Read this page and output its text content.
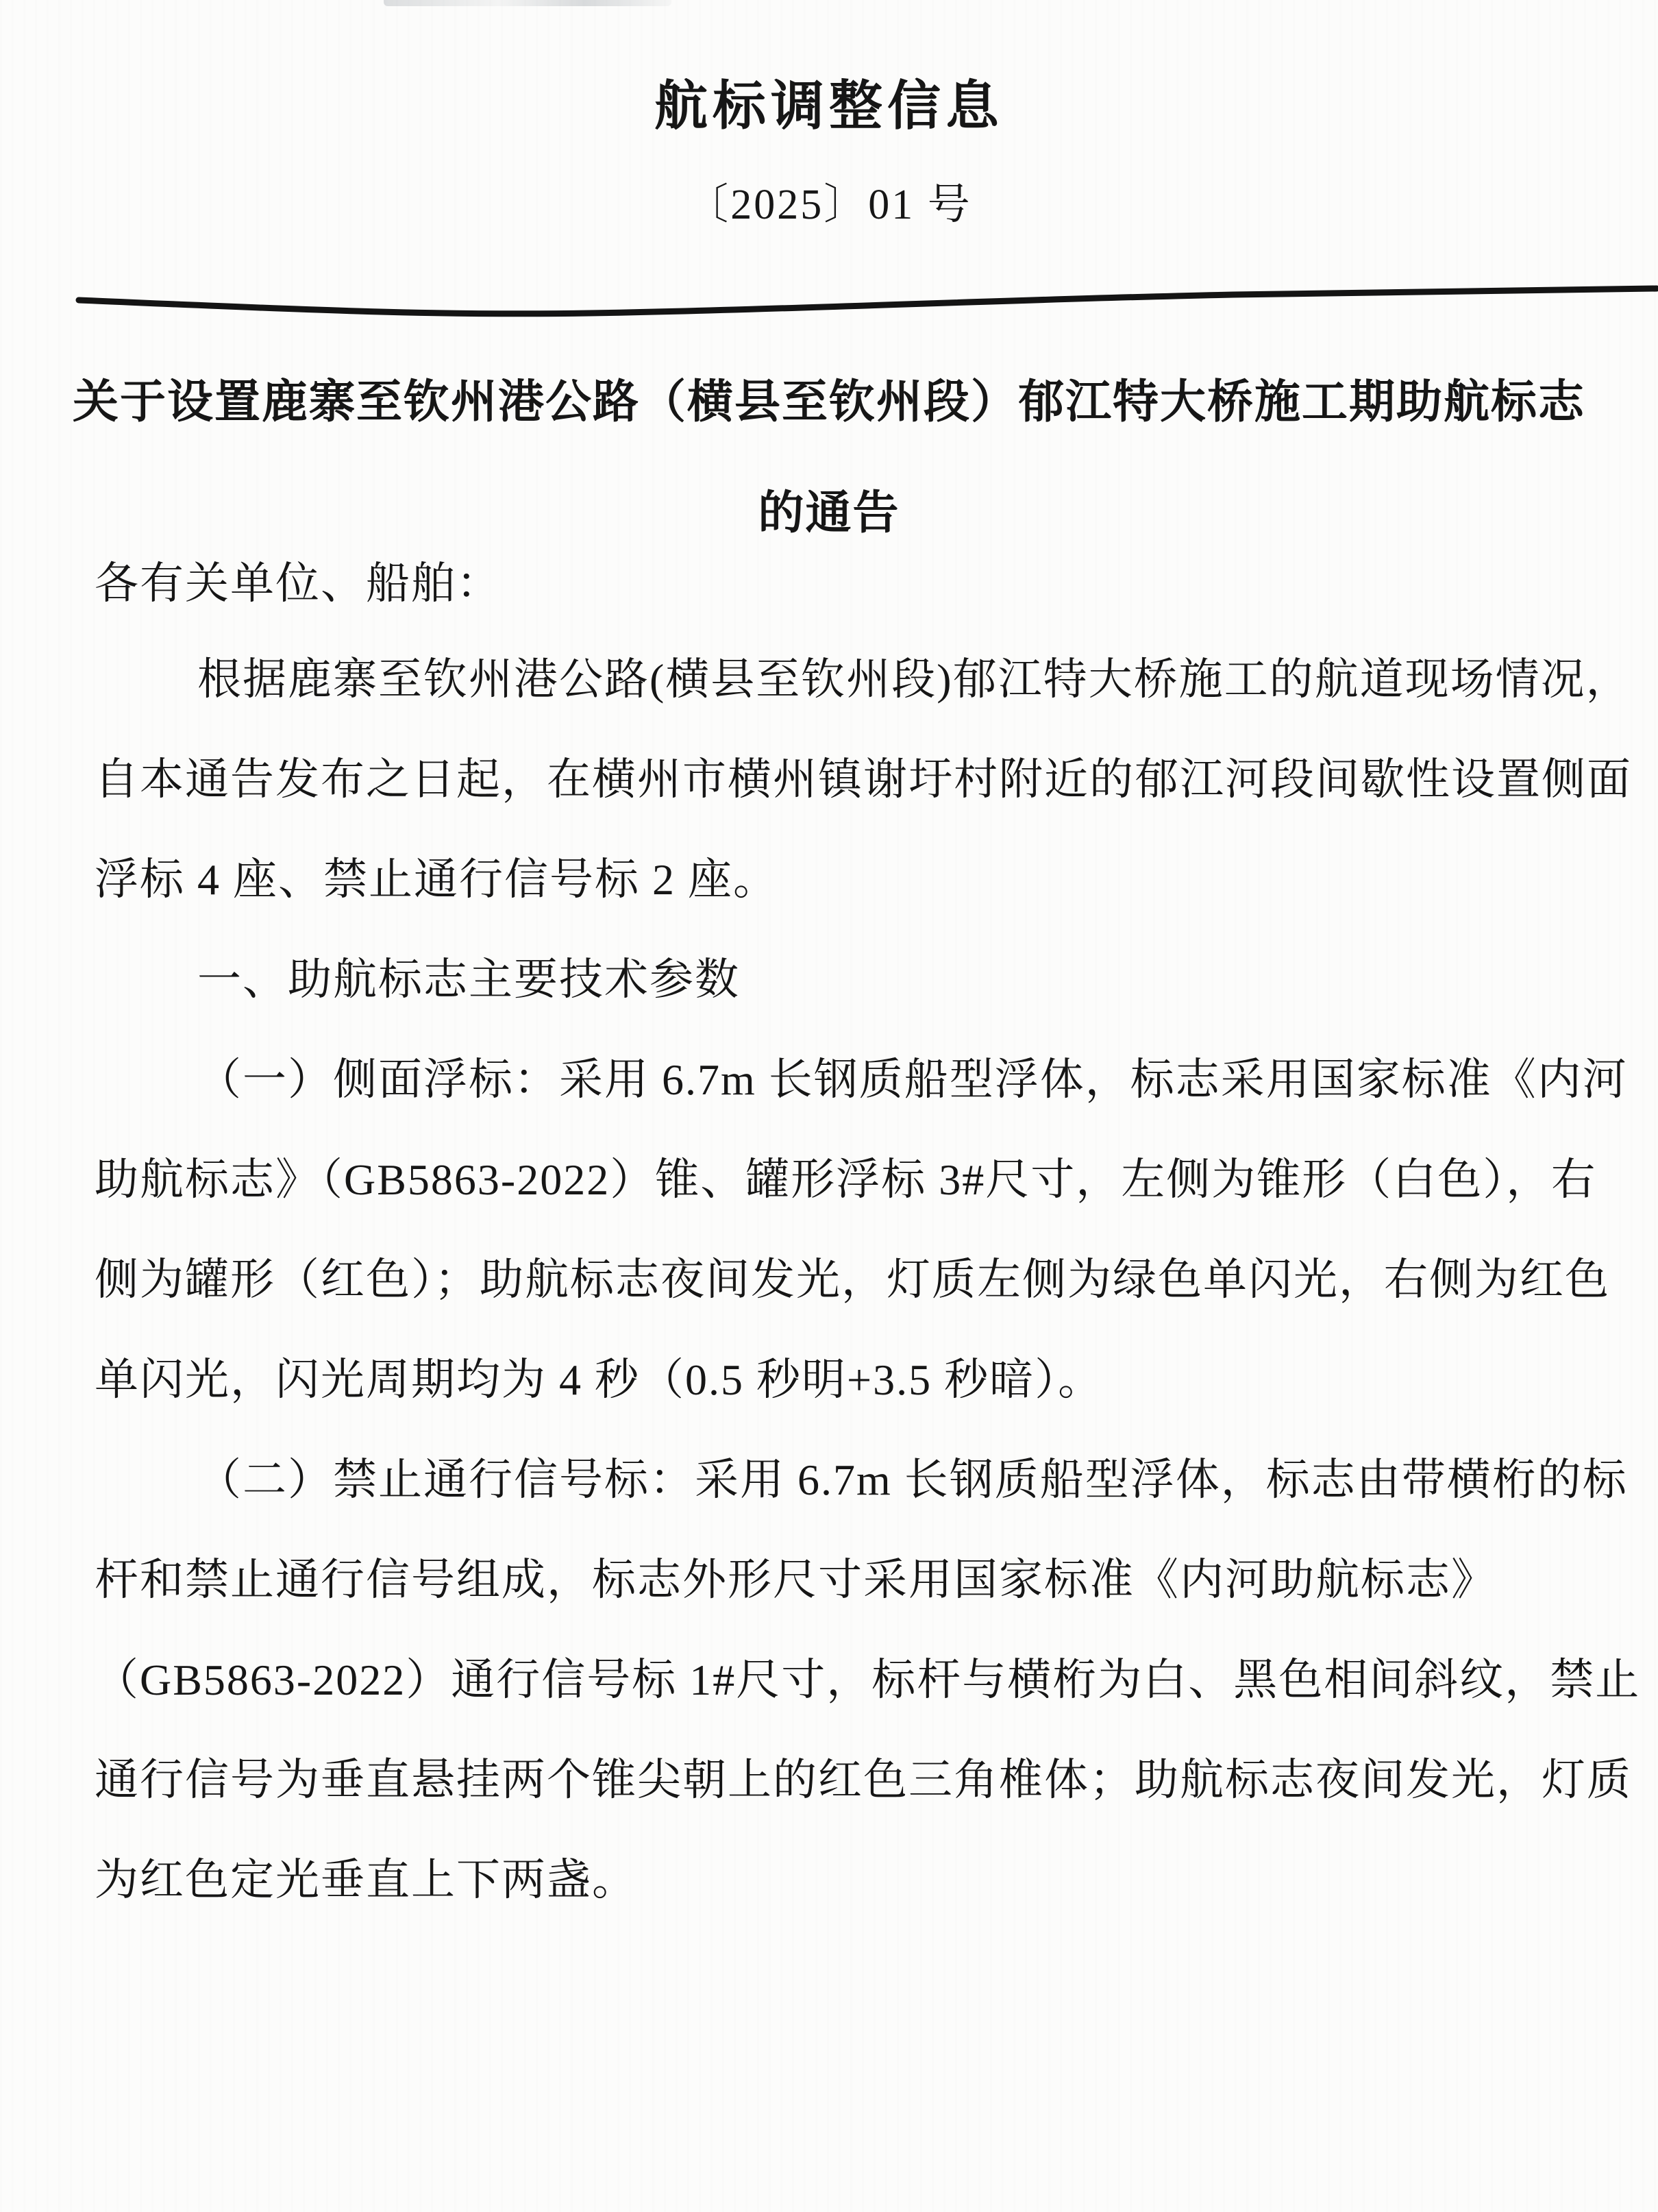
航标调整信息
〔2025〕01 号
关于设置鹿寨至钦州港公路（横县至钦州段）郁江特大桥施工期助航标志
的通告
各有关单位、船舶：
根据鹿寨至钦州港公路(横县至钦州段)郁江特大桥施工的航道现场情况，
自本通告发布之日起，在横州市横州镇谢圩村附近的郁江河段间歇性设置侧面
浮标 4 座、禁止通行信号标 2 座。
一、助航标志主要技术参数
（一）侧面浮标：采用 6.7m 长钢质船型浮体，标志采用国家标准《内河
助航标志》（GB5863-2022）锥、罐形浮标 3#尺寸，左侧为锥形（白色），右
侧为罐形（红色）；助航标志夜间发光，灯质左侧为绿色单闪光，右侧为红色
单闪光，闪光周期均为 4 秒（0.5 秒明+3.5 秒暗）。
（二）禁止通行信号标：采用 6.7m 长钢质船型浮体，标志由带横桁的标
杆和禁止通行信号组成，标志外形尺寸采用国家标准《内河助航标志》
（GB5863-2022）通行信号标 1#尺寸，标杆与横桁为白、黑色相间斜纹，禁止
通行信号为垂直悬挂两个锥尖朝上的红色三角椎体；助航标志夜间发光，灯质
为红色定光垂直上下两盏。
